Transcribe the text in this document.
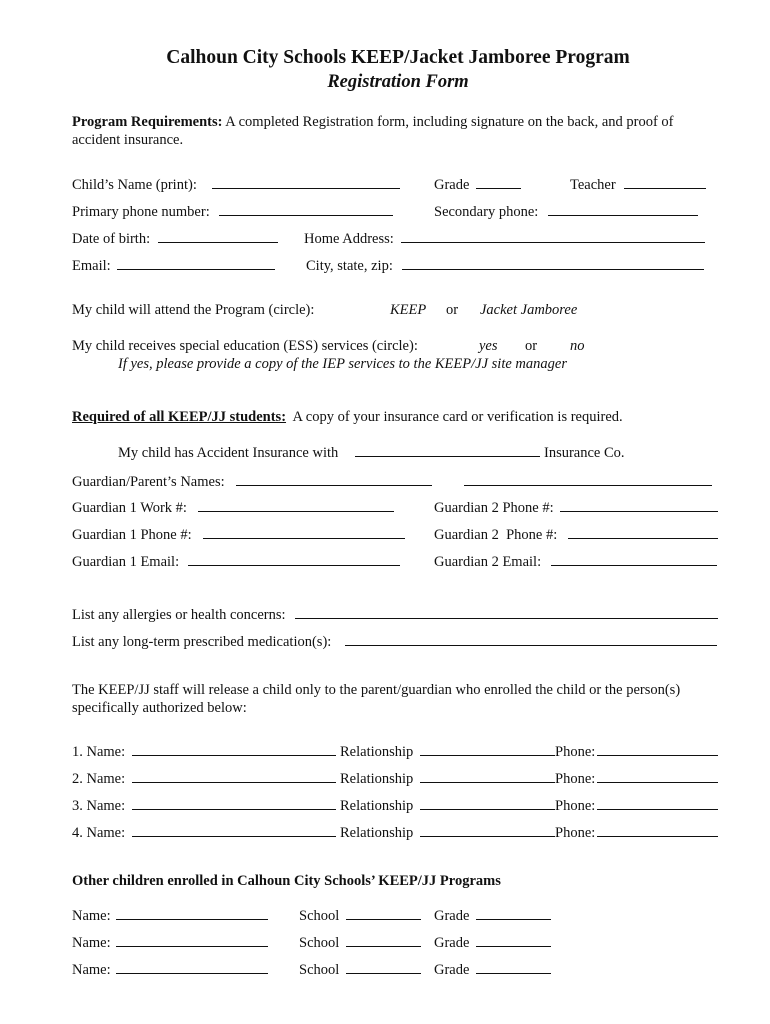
Calhoun City Schools KEEP/Jacket Jamboree Program
Registration Form
Program Requirements: A completed Registration form, including signature on the back, and proof of
accident insurance.
Child’s Name (print):	Grade	Teacher
Primary phone number:	Secondary phone:
Date of birth:	Home Address:
Email:	City, state, zip:
My child will attend the Program (circle):	KEEP or Jacket Jamboree
My child receives special education (ESS) services (circle):	yes or no
If yes, please provide a copy of the IEP services to the KEEP/JJ site manager
Required of all KEEP/JJ students:  A copy of your insurance card or verification is required.
My child has Accident Insurance with	Insurance Co.
Guardian/Parent’s Names:
Guardian 1 Work #:	Guardian 2 Phone #:
Guardian 1 Phone #:	Guardian 2  Phone #:
Guardian 1 Email:	Guardian 2 Email:
List any allergies or health concerns:
List any long-term prescribed medication(s):
The KEEP/JJ staff will release a child only to the parent/guardian who enrolled the child or the person(s)
specifically authorized below:
1. Name:	Relationship	Phone:
2. Name:	Relationship	Phone:
3. Name:	Relationship	Phone:
4. Name:	Relationship	Phone:
Other children enrolled in Calhoun City Schools’ KEEP/JJ Programs
Name:	School	Grade
Name:	School	Grade
Name:	School	Grade
